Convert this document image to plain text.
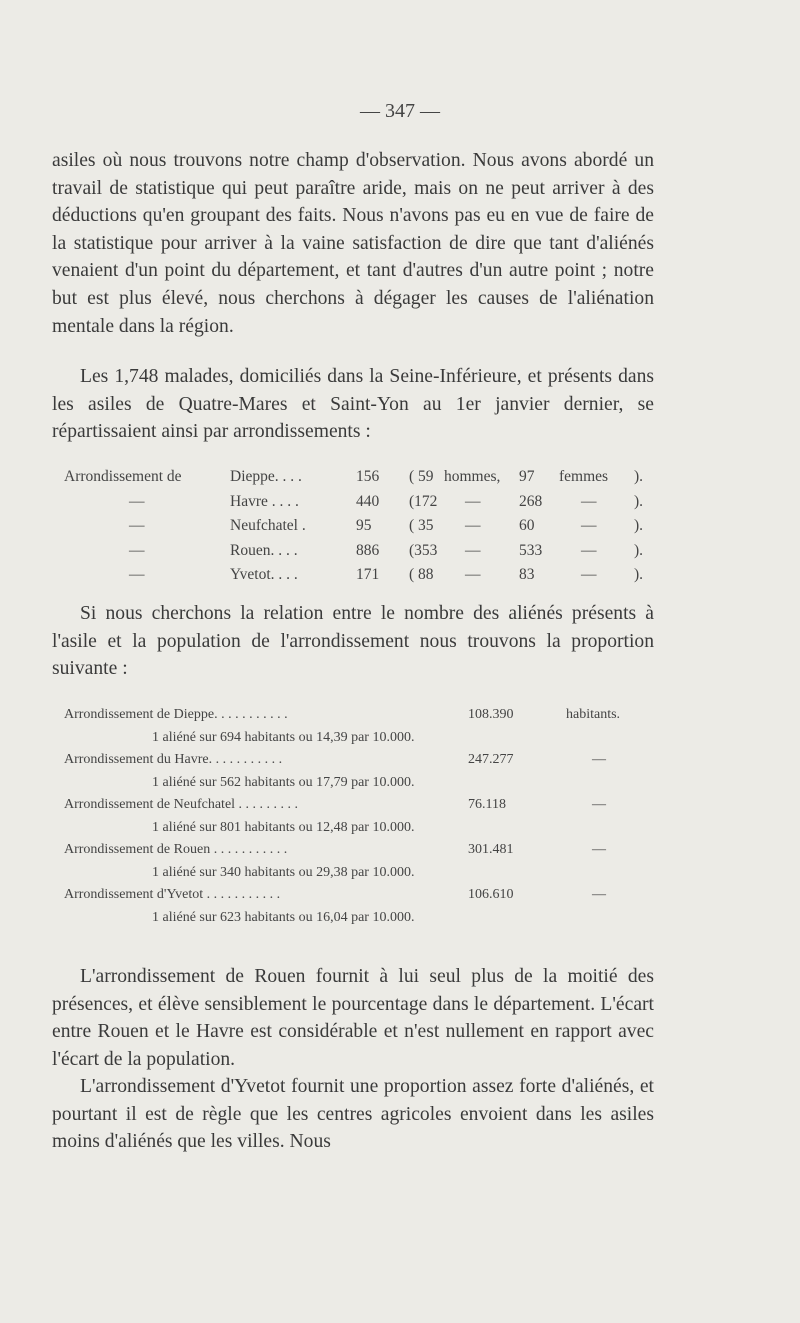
— 347 —

asiles où nous trouvons notre champ d'observation. Nous avons abordé un travail de statistique qui peut paraître aride, mais on ne peut arriver à des déductions qu'en groupant des faits. Nous n'avons pas eu en vue de faire de la statistique pour arriver à la vaine satisfaction de dire que tant d'aliénés venaient d'un point du département, et tant d'autres d'un autre point ; notre but est plus élevé, nous cherchons à dégager les causes de l'aliénation mentale dans la région.

Les 1,748 malades, domiciliés dans la Seine-Inférieure, et présents dans les asiles de Quatre-Mares et Saint-Yon au 1er janvier dernier, se répartissaient ainsi par arrondissements :

Arrondissement de	Dieppe. . . .	156 ( 59 hommes, 97 femmes ).
—	Havre . . . .	440 (172 — 268	— ).
—	Neufchatel .	95 ( 35 — 60	— ).
—	Rouen. . . .	886 (353 — 533	— ).
—	Yvetot. . . .	171 ( 88 — 83	— ).

Si nous cherchons la relation entre le nombre des aliénés présents à l'asile et la population de l'arrondissement nous trouvons la proportion suivante :

Arrondissement de Dieppe. . . . . . . . . . .	108.390	habitants.
1 aliéné sur 694 habitants ou 14,39 par 10.000.
Arrondissement du Havre. . . . . . . . . . .	247.277	—
1 aliéné sur 562 habitants ou 17,79 par 10.000.
Arrondissement de Neufchatel . . . . . . . . .	76.118	—
1 aliéné sur 801 habitants ou 12,48 par 10.000.
Arrondissement de Rouen . . . . . . . . . . .	301.481	—
1 aliéné sur 340 habitants ou 29,38 par 10.000.
Arrondissement d'Yvetot . . . . . . . . . . .	106.610	—
1 aliéné sur 623 habitants ou 16,04 par 10.000.

L'arrondissement de Rouen fournit à lui seul plus de la moitié des présences, et élève sensiblement le pourcentage dans le département. L'écart entre Rouen et le Havre est considérable et n'est nullement en rapport avec l'écart de la population.

L'arrondissement d'Yvetot fournit une proportion assez forte d'aliénés, et pourtant il est de règle que les centres agricoles envoient dans les asiles moins d'aliénés que les villes. Nous
